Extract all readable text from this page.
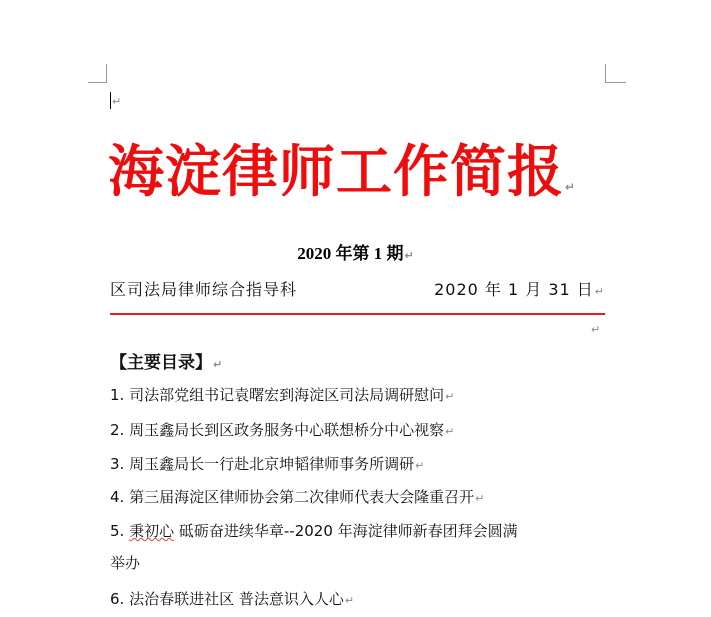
↵
海淀律师工作简报↵
2020 年第 1 期↵
区司法局律师综合指导科	2020 年 1 月 31 日↵
↵
【主要目录】↵
1. 司法部党组书记袁曙宏到海淀区司法局调研慰问↵
2. 周玉鑫局长到区政务服务中心联想桥分中心视察↵
3. 周玉鑫局长一行赴北京坤韬律师事务所调研↵
4. 第三届海淀区律师协会第二次律师代表大会隆重召开↵
5. 秉初心 砥砺奋进续华章--2020 年海淀律师新春团拜会圆满
举办
6. 法治春联进社区 普法意识入人心↵
